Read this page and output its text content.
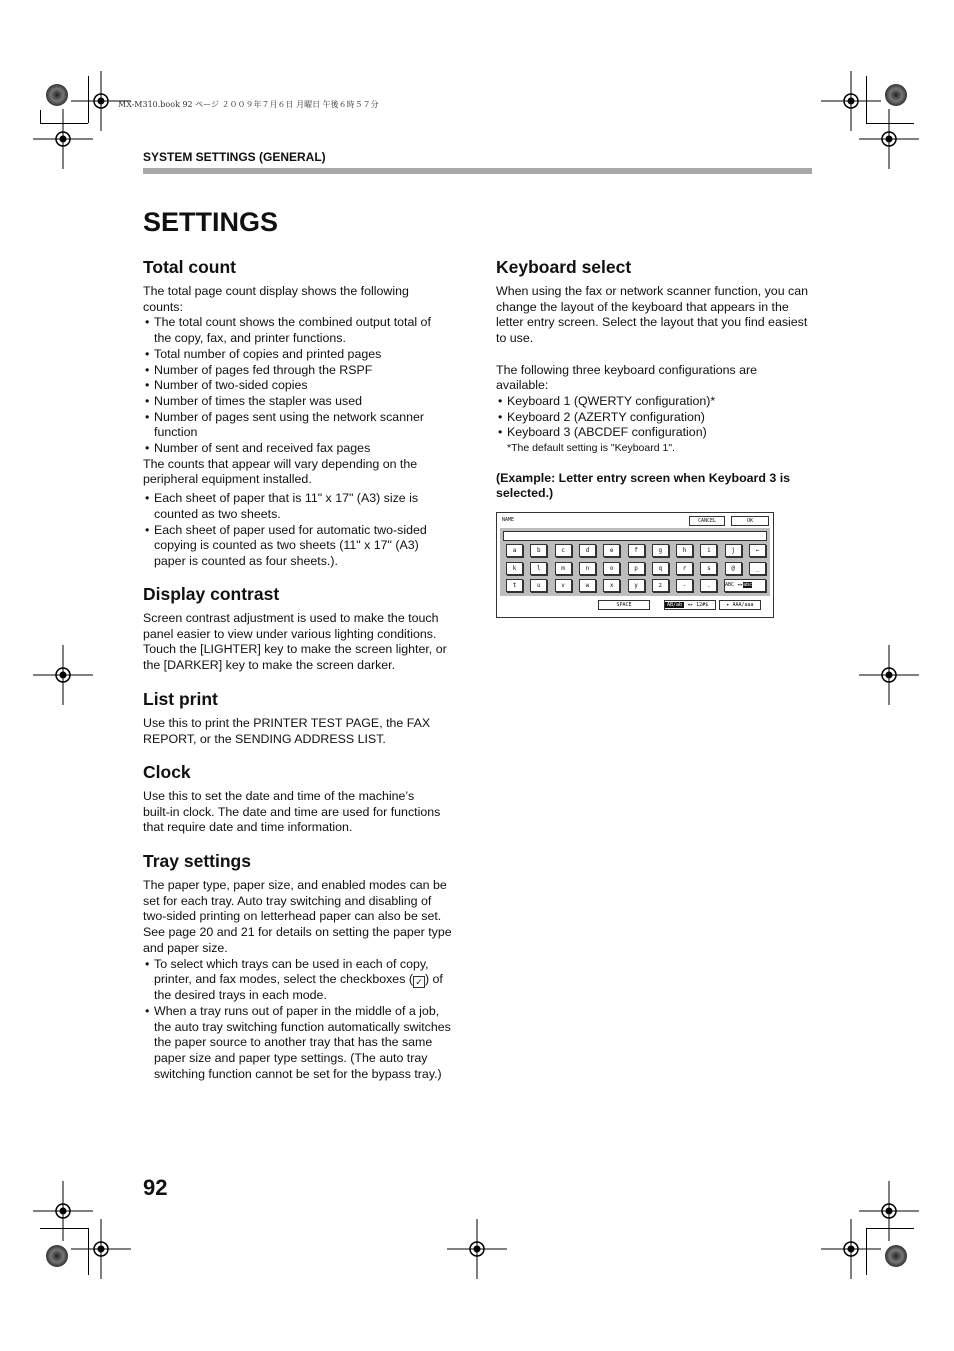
MX-M310.book 92 ページ ２００９年７月６日 月曜日 午後６時５７分
SYSTEM SETTINGS (GENERAL)
SETTINGS
Total count
The total page count display shows the following counts:
• The total count shows the combined output total of the copy, fax, and printer functions.
• Total number of copies and printed pages
• Number of pages fed through the RSPF
• Number of two-sided copies
• Number of times the stapler was used
• Number of pages sent using the network scanner function
• Number of sent and received fax pages
The counts that appear will vary depending on the peripheral equipment installed.
• Each sheet of paper that is 11" x 17" (A3) size is counted as two sheets.
• Each sheet of paper used for automatic two-sided copying is counted as two sheets (11" x 17" (A3) paper is counted as four sheets.).
Display contrast
Screen contrast adjustment is used to make the touch panel easier to view under various lighting conditions. Touch the [LIGHTER] key to make the screen lighter, or the [DARKER] key to make the screen darker.
List print
Use this to print the PRINTER TEST PAGE, the FAX REPORT, or the SENDING ADDRESS LIST.
Clock
Use this to set the date and time of the machine’s built-in clock. The date and time are used for functions that require date and time information.
Tray settings
The paper type, paper size, and enabled modes can be set for each tray. Auto tray switching and disabling of two-sided printing on letterhead paper can also be set. See page 20 and 21 for details on setting the paper type and paper size.
• To select which trays can be used in each of copy, printer, and fax modes, select the checkboxes ( ✓ ) of the desired trays in each mode.
• When a tray runs out of paper in the middle of a job, the auto tray switching function automatically switches the paper source to another tray that has the same paper size and paper type settings. (The auto tray switching function cannot be set for the bypass tray.)
Keyboard select
When using the fax or network scanner function, you can change the layout of the keyboard that appears in the letter entry screen. Select the layout that you find easiest to use.
The following three keyboard configurations are available:
• Keyboard 1 (QWERTY configuration)*
• Keyboard 2 (AZERTY configuration)
• Keyboard 3 (ABCDEF configuration)
*The default setting is "Keyboard 1".
(Example: Letter entry screen when Keyboard 3 is selected.)
NAME	CANCEL	OK
a	b	c	d	e	f	g	h	i	j	←
k	l	m	n	o	p	q	r	s	@	_
t	u	v	w	x	y	z	-	.	ABC ◂▸abc
SPACE	AB/ab ◂▸ 12#$	▸ AAA/aaa
92
